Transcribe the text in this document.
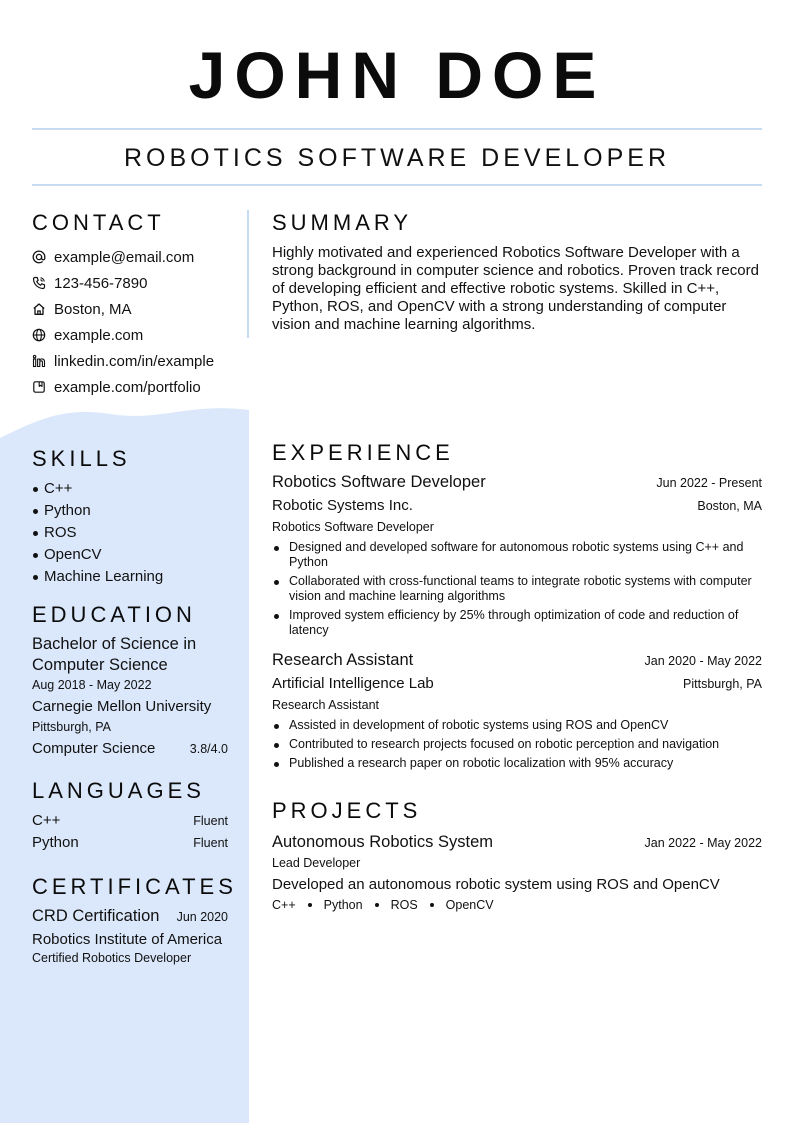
JOHN DOE
ROBOTICS SOFTWARE DEVELOPER
CONTACT
example@email.com
123-456-7890
Boston, MA
example.com
linkedin.com/in/example
example.com/portfolio
SKILLS
C++
Python
ROS
OpenCV
Machine Learning
EDUCATION
Bachelor of Science in Computer Science
Aug 2018 - May 2022
Carnegie Mellon University
Pittsburgh, PA
Computer Science	3.8/4.0
LANGUAGES
C++	Fluent
Python	Fluent
CERTIFICATES
CRD Certification Jun 2020
Robotics Institute of America
Certified Robotics Developer
SUMMARY
Highly motivated and experienced Robotics Software Developer with a strong background in computer science and robotics. Proven track record of developing efficient and effective robotic systems. Skilled in C++, Python, ROS, and OpenCV with a strong understanding of computer vision and machine learning algorithms.
EXPERIENCE
Robotics Software Developer	Jun 2022 - Present
Robotic Systems Inc.	Boston, MA
Robotics Software Developer
Designed and developed software for autonomous robotic systems using C++ and Python
Collaborated with cross-functional teams to integrate robotic systems with computer vision and machine learning algorithms
Improved system efficiency by 25% through optimization of code and reduction of latency
Research Assistant	Jan 2020 - May 2022
Artificial Intelligence Lab	Pittsburgh, PA
Research Assistant
Assisted in development of robotic systems using ROS and OpenCV
Contributed to research projects focused on robotic perception and navigation
Published a research paper on robotic localization with 95% accuracy
PROJECTS
Autonomous Robotics System	Jan 2022 - May 2022
Lead Developer
Developed an autonomous robotic system using ROS and OpenCV
C++ Python ROS OpenCV
